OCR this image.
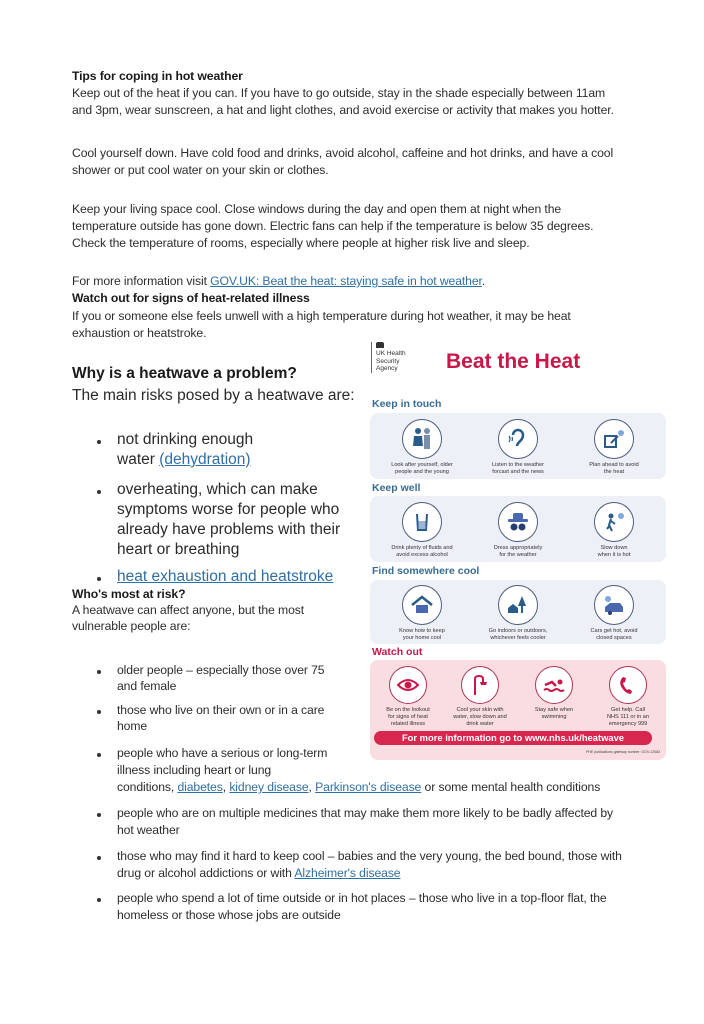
Tips for coping in hot weather
Keep out of the heat if you can. If you have to go outside, stay in the shade especially between 11am
and 3pm, wear sunscreen, a hat and light clothes, and avoid exercise or activity that makes you hotter.
Cool yourself down. Have cold food and drinks, avoid alcohol, caffeine and hot drinks, and have a cool
shower or put cool water on your skin or clothes.
Keep your living space cool. Close windows during the day and open them at night when the
temperature outside has gone down. Electric fans can help if the temperature is below 35 degrees.
Check the temperature of rooms, especially where people at higher risk live and sleep.
For more information visit GOV.UK: Beat the heat: staying safe in hot weather.
Watch out for signs of heat-related illness
If you or someone else feels unwell with a high temperature during hot weather, it may be heat
exhaustion or heatstroke.
Why is a heatwave a problem?
The main risks posed by a heatwave are:
not drinking enough
water (dehydration)
overheating, which can make
symptoms worse for people who
already have problems with their
heart or breathing
heat exhaustion and heatstroke
Who's most at risk?
A heatwave can affect anyone, but the most
vulnerable people are:
older people – especially those over 75
and female
those who live on their own or in a care
home
people who have a serious or long-term
illness including heart or lung
conditions, diabetes, kidney disease, Parkinson's disease or some mental health conditions
people who are on multiple medicines that may make them more likely to be badly affected by
hot weather
those who may find it hard to keep cool – babies and the very young, the bed bound, those with
drug or alcohol addictions or with Alzheimer's disease
people who spend a lot of time outside or in hot places – those who live in a top-floor flat, the
homeless or those whose jobs are outside
UK Health
Security
Agency	Beat the Heat
Keep in touch
Look after yourself, older
people and the young
Listen to the weather
forcast and the news
Plan ahead to avoid
the heat
Keep well
Drink plenty of fluids and
avoid excess alcohol
Dress appropriately
for the weather
Slow down
when it is hot
Find somewhere cool
Know how to keep
your home cool
Go indoors or outdoors,
whichever feels cooler
Cars get hot, avoid
closed spaces
Watch out
Be on the lookout
for signs of heat
related illness
Cool your skin with
water, slow down and
drink water
Stay safe when
swimming
Get help. Call
NHS 111 or in an
emergency 999
For more information go to www.nhs.uk/heatwave
PHE publications gateway number: GOV-12083
